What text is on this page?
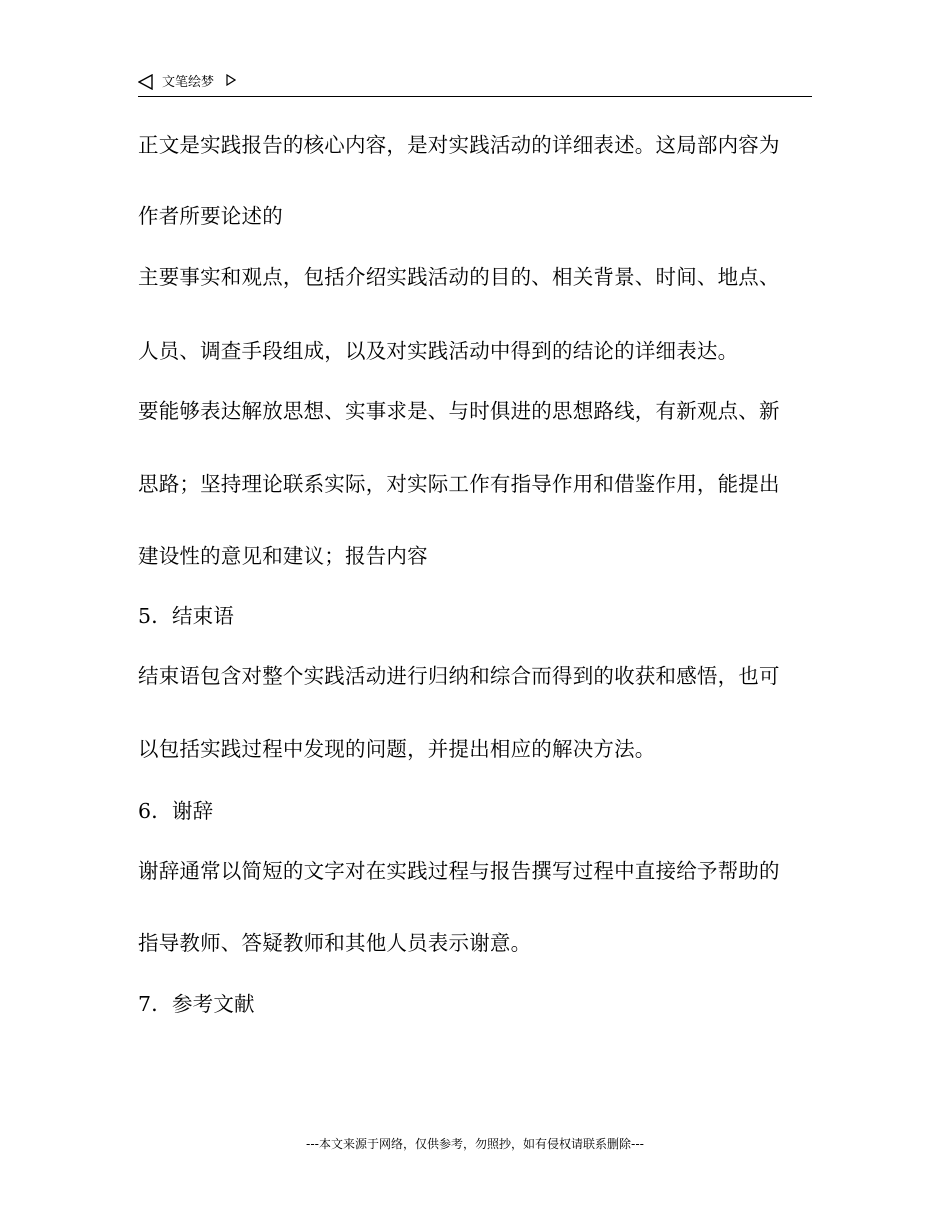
文笔绘梦
正文是实践报告的核心内容，是对实践活动的详细表述。这局部内容为
作者所要论述的
主要事实和观点，包括介绍实践活动的目的、相关背景、时间、地点、
人员、调查手段组成，以及对实践活动中得到的结论的详细表达。
要能够表达解放思想、实事求是、与时俱进的思想路线，有新观点、新
思路；坚持理论联系实际，对实际工作有指导作用和借鉴作用，能提出
建设性的意见和建议；报告内容
5．结束语
结束语包含对整个实践活动进行归纳和综合而得到的收获和感悟，也可
以包括实践过程中发现的问题，并提出相应的解决方法。
6．谢辞
谢辞通常以简短的文字对在实践过程与报告撰写过程中直接给予帮助的
指导教师、答疑教师和其他人员表示谢意。
7．参考文献
---本文来源于网络，仅供参考，勿照抄，如有侵权请联系删除---
